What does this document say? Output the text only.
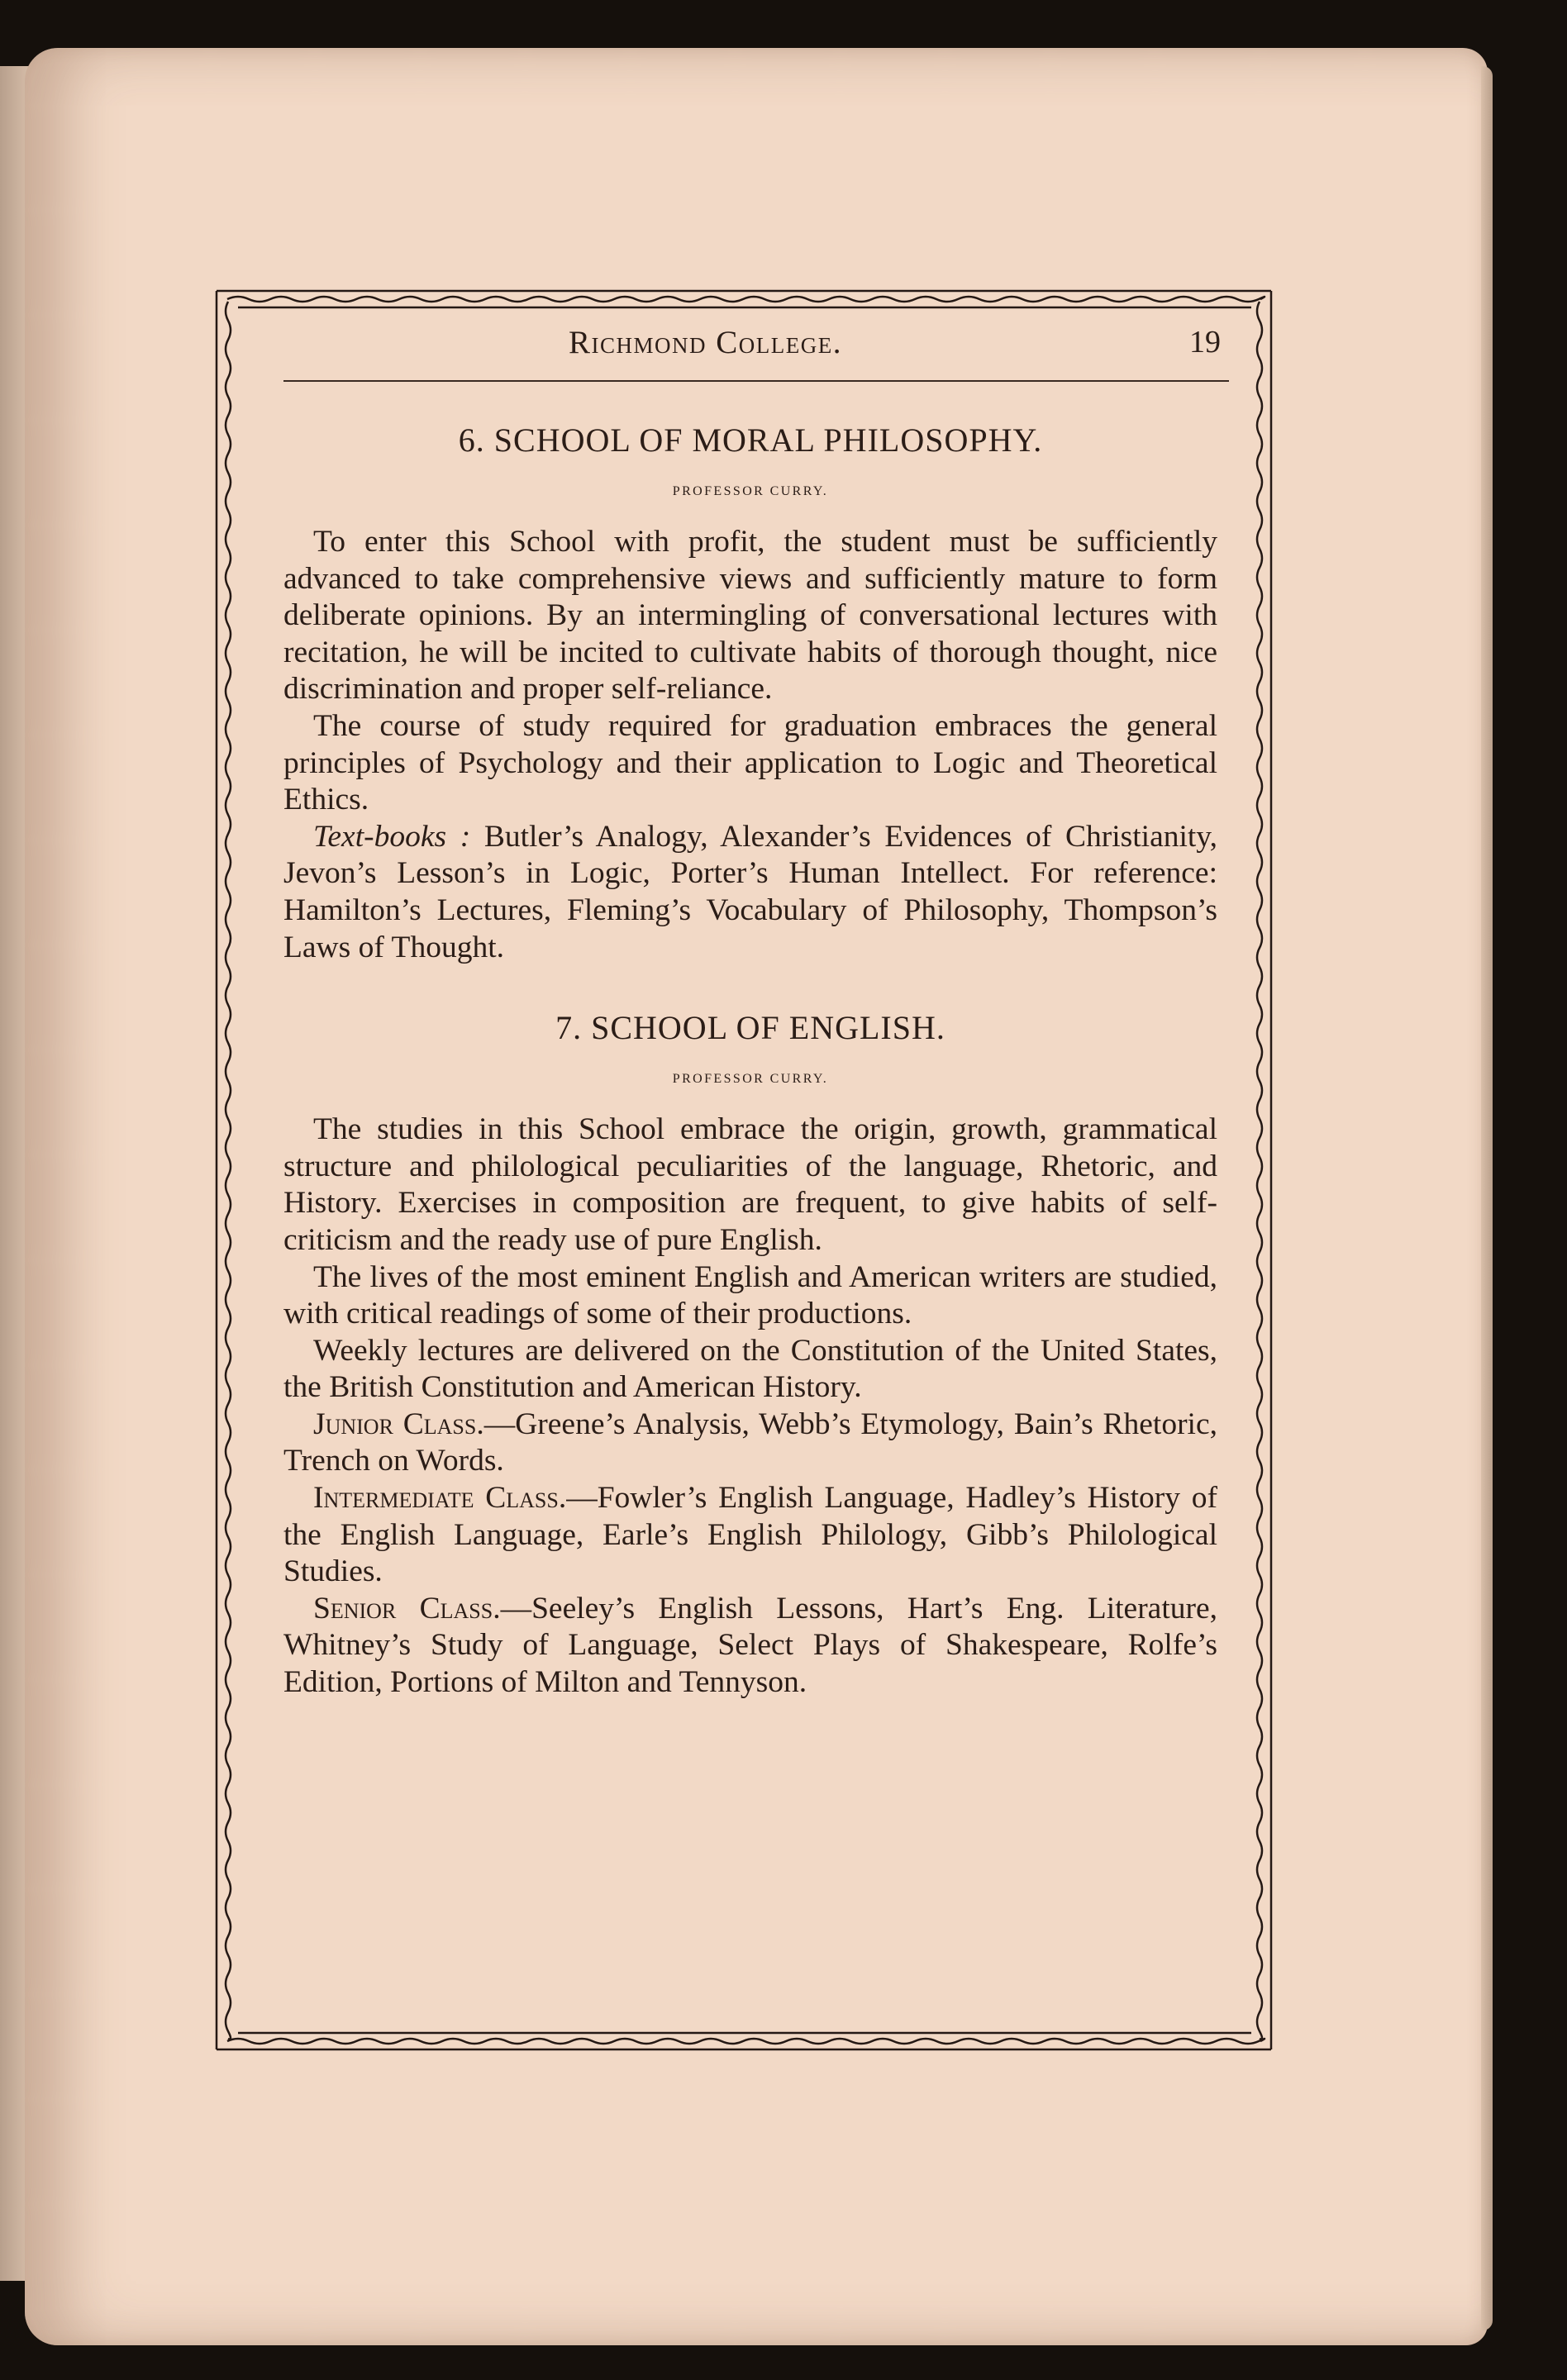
Richmond College.	19
6. SCHOOL OF MORAL PHILOSOPHY.
PROFESSOR CURRY.

To enter this School with profit, the student must be sufficiently advanced to take comprehensive views and sufficiently mature to form deliberate opinions. By an intermingling of conversational lectures with recitation, he will be incited to cultivate habits of thorough thought, nice discrimination and proper self-reliance.

The course of study required for graduation embraces the general principles of Psychology and their application to Logic and Theoretical Ethics.

Text-books : Butler’s Analogy, Alexander’s Evidences of Christianity, Jevon’s Lesson’s in Logic, Porter’s Human Intellect. For reference: Hamilton’s Lectures, Fleming’s Vocabulary of Philosophy, Thompson’s Laws of Thought.

7. SCHOOL OF ENGLISH.
PROFESSOR CURRY.

The studies in this School embrace the origin, growth, grammatical structure and philological peculiarities of the language, Rhetoric, and History. Exercises in composition are frequent, to give habits of self-criticism and the ready use of pure English.

The lives of the most eminent English and American writers are studied, with critical readings of some of their productions.

Weekly lectures are delivered on the Constitution of the United States, the British Constitution and American History.

Junior Class.—Greene’s Analysis, Webb’s Etymology, Bain’s Rhetoric, Trench on Words.

Intermediate Class.—Fowler’s English Language, Hadley’s History of the English Language, Earle’s English Philology, Gibb’s Philological Studies.

Senior Class.—Seeley’s English Lessons, Hart’s Eng. Literature, Whitney’s Study of Language, Select Plays of Shakespeare, Rolfe’s Edition, Portions of Milton and Tennyson.
